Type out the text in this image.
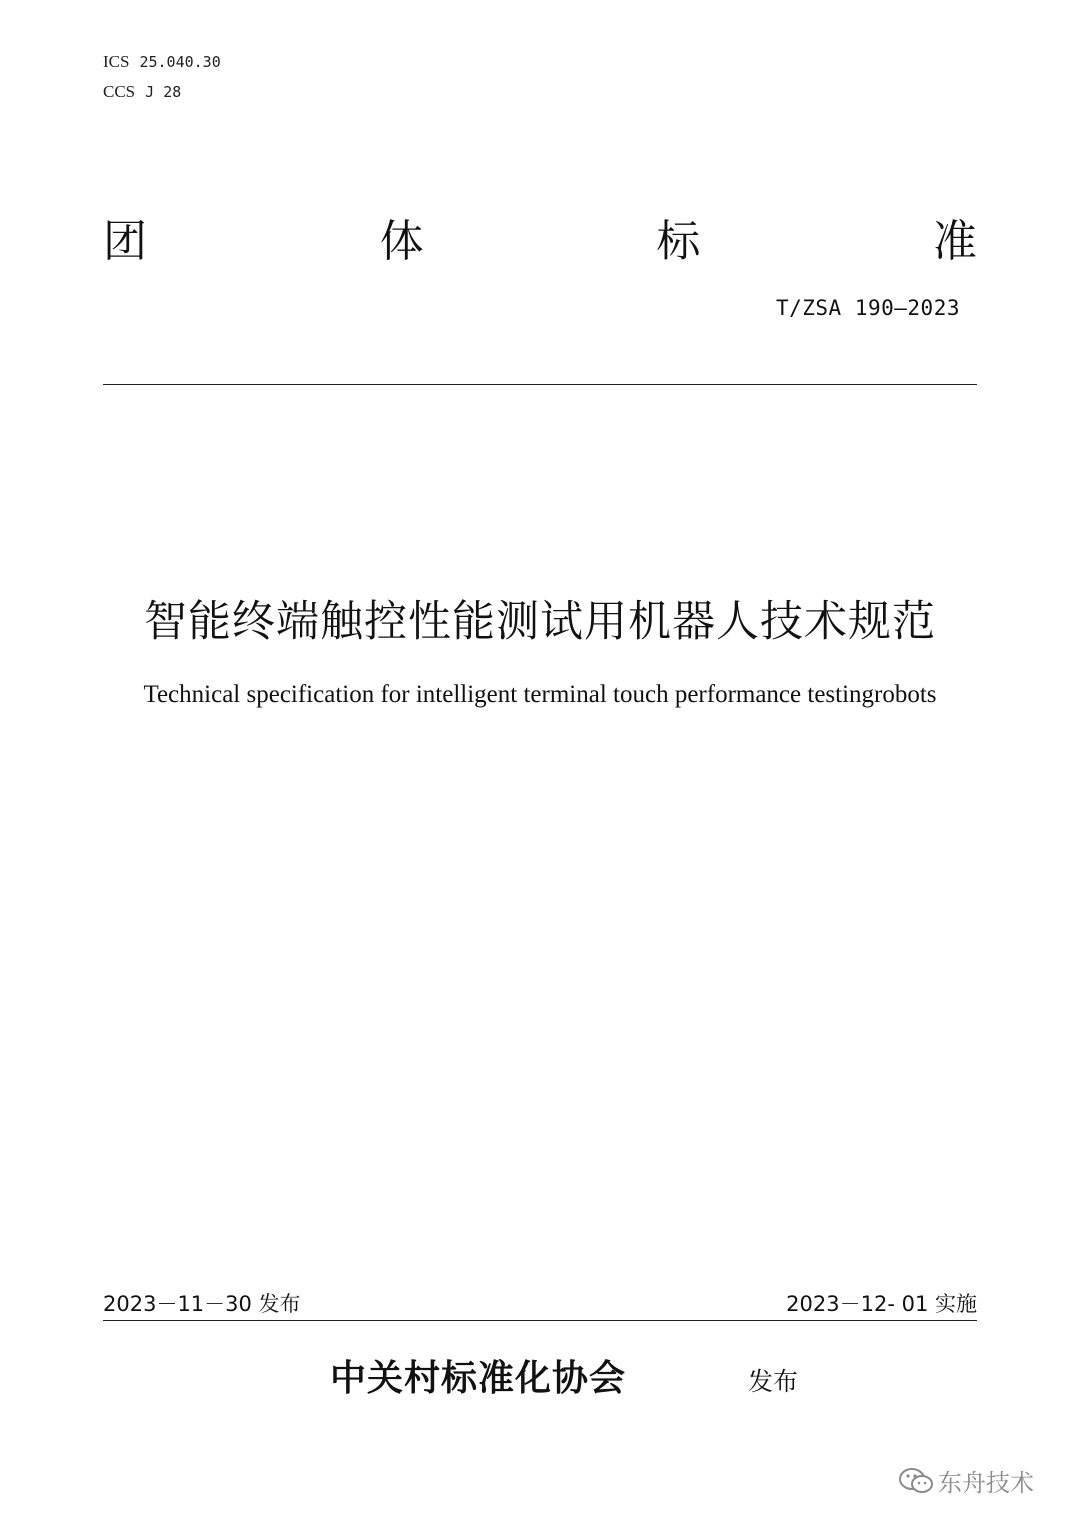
ICS 25.040.30
CCS J 28
团	体	标	准
T/ZSA 190—2023
智能终端触控性能测试用机器人技术规范
Technical specification for intelligent terminal touch performance testingrobots
2023－11－30 发布	2023－12- 01 实施
中关村标准化协会	发布
东舟技术
